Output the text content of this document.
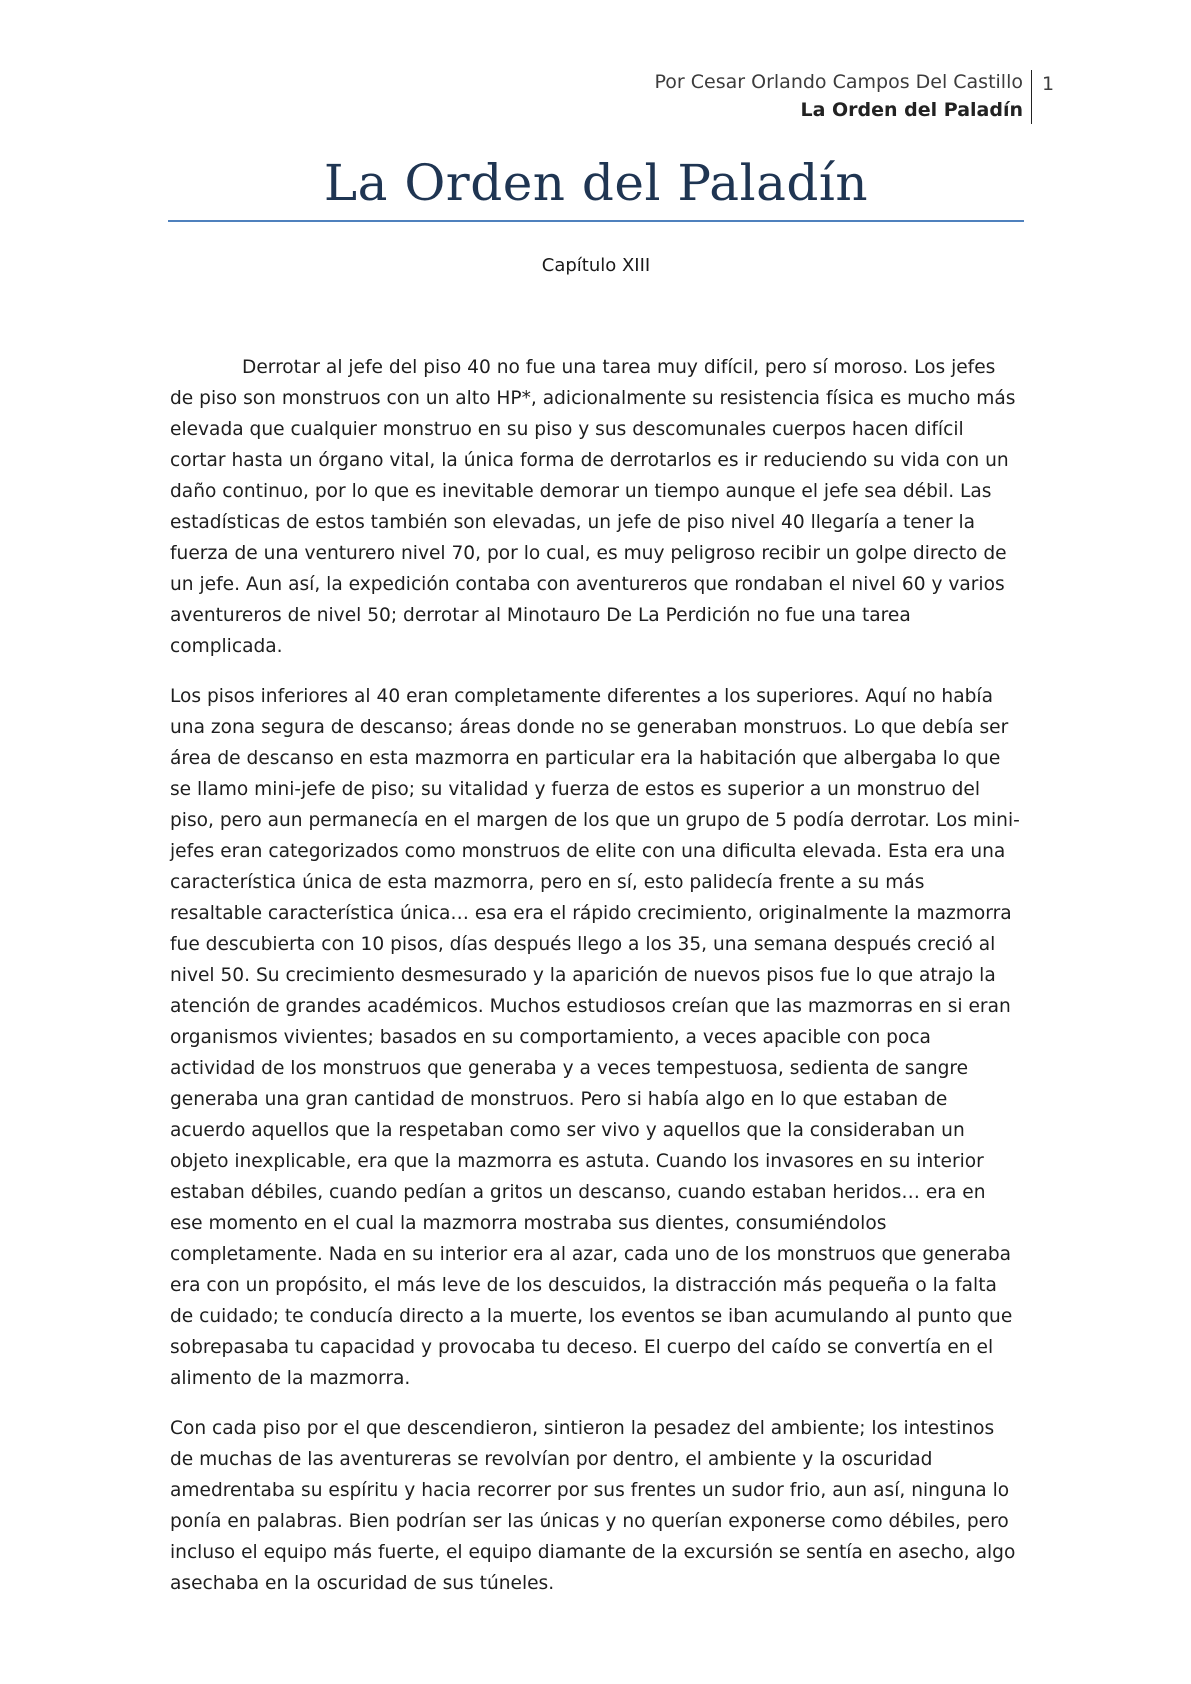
Por Cesar Orlando Campos Del Castillo
La Orden del Paladín
1
La Orden del Paladín
Capítulo XIII

Derrotar al jefe del piso 40 no fue una tarea muy difícil, pero sí moroso. Los jefes de piso son monstruos con un alto HP*, adicionalmente su resistencia física es mucho más elevada que cualquier monstruo en su piso y sus descomunales cuerpos hacen difícil cortar hasta un órgano vital, la única forma de derrotarlos es ir reduciendo su vida con un daño continuo, por lo que es inevitable demorar un tiempo aunque el jefe sea débil. Las estadísticas de estos también son elevadas, un jefe de piso nivel 40 llegaría a tener la fuerza de una venturero nivel 70, por lo cual, es muy peligroso recibir un golpe directo de un jefe. Aun así, la expedición contaba con aventureros que rondaban el nivel 60 y varios aventureros de nivel 50; derrotar al Minotauro De La Perdición no fue una tarea complicada.

Los pisos inferiores al 40 eran completamente diferentes a los superiores. Aquí no había una zona segura de descanso; áreas donde no se generaban monstruos. Lo que debía ser área de descanso en esta mazmorra en particular era la habitación que albergaba lo que se llamo mini-jefe de piso; su vitalidad y fuerza de estos es superior a un monstruo del piso, pero aun permanecía en el margen de los que un grupo de 5 podía derrotar. Los mini-jefes eran categorizados como monstruos de elite con una dificulta elevada. Esta era una característica única de esta mazmorra, pero en sí, esto palidecía frente a su más resaltable característica única… esa era el rápido crecimiento, originalmente la mazmorra fue descubierta con 10 pisos, días después llego a los 35, una semana después creció al nivel 50. Su crecimiento desmesurado y la aparición de nuevos pisos fue lo que atrajo la atención de grandes académicos. Muchos estudiosos creían que las mazmorras en si eran organismos vivientes; basados en su comportamiento, a veces apacible con poca actividad de los monstruos que generaba y a veces tempestuosa, sedienta de sangre generaba una gran cantidad de monstruos. Pero si había algo en lo que estaban de acuerdo aquellos que la respetaban como ser vivo y aquellos que la consideraban un objeto inexplicable, era que la mazmorra es astuta. Cuando los invasores en su interior estaban débiles, cuando pedían a gritos un descanso, cuando estaban heridos… era en ese momento en el cual la mazmorra mostraba sus dientes, consumiéndolos completamente. Nada en su interior era al azar, cada uno de los monstruos que generaba era con un propósito, el más leve de los descuidos, la distracción más pequeña o la falta de cuidado; te conducía directo a la muerte, los eventos se iban acumulando al punto que sobrepasaba tu capacidad y provocaba tu deceso. El cuerpo del caído se convertía en el alimento de la mazmorra.

Con cada piso por el que descendieron, sintieron la pesadez del ambiente; los intestinos de muchas de las aventureras se revolvían por dentro, el ambiente y la oscuridad amedrentaba su espíritu y hacia recorrer por sus frentes un sudor frio, aun así, ninguna lo ponía en palabras. Bien podrían ser las únicas y no querían exponerse como débiles, pero incluso el equipo más fuerte, el equipo diamante de la excursión se sentía en asecho, algo asechaba en la oscuridad de sus túneles.
